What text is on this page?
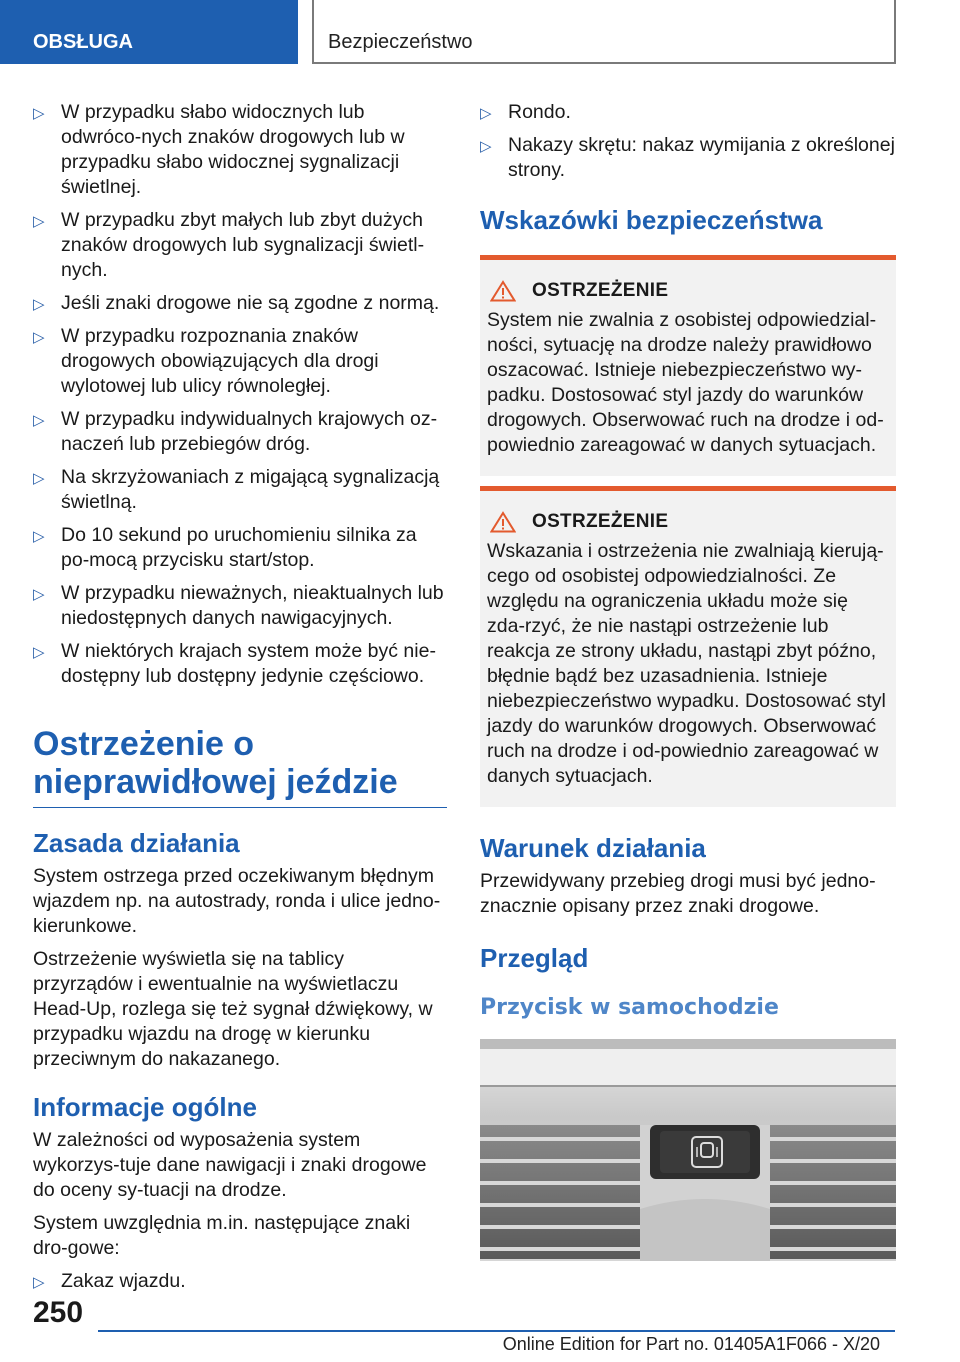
OBSŁUGA	Bezpieczeństwo
▷ W przypadku słabo widocznych lub odwróco-nych znaków drogowych lub w przypadku słabo widocznej sygnalizacji świetlnej.
▷ W przypadku zbyt małych lub zbyt dużych znaków drogowych lub sygnalizacji świetl-nych.
▷ Jeśli znaki drogowe nie są zgodne z normą.
▷ W przypadku rozpoznania znaków drogowych obowiązujących dla drogi wylotowej lub ulicy równoległej.
▷ W przypadku indywidualnych krajowych oz-naczeń lub przebiegów dróg.
▷ Na skrzyżowaniach z migającą sygnalizacją świetlną.
▷ Do 10 sekund po uruchomieniu silnika za po-mocą przycisku start/stop.
▷ W przypadku nieważnych, nieaktualnych lub niedostępnych danych nawigacyjnych.
▷ W niektórych krajach system może być nie-dostępny lub dostępny jedynie częściowo.
Ostrzeżenie o nieprawidłowej jeździe
Zasada działania

System ostrzega przed oczekiwanym błędnym wjazdem np. na autostrady, ronda i ulice jedno-kierunkowe.

Ostrzeżenie wyświetla się na tablicy przyrządów i ewentualnie na wyświetlaczu Head-Up, rozlega się też sygnał dźwiękowy, w przypadku wjazdu na drogę w kierunku przeciwnym do nakazanego.

Informacje ogólne

W zależności od wyposażenia system wykorzys-tuje dane nawigacji i znaki drogowe do oceny sy-tuacji na drodze.

System uwzględnia m.in. następujące znaki dro-gowe:

▷ Zakaz wjazdu.
▷ Rondo.
▷ Nakazy skrętu: nakaz wymijania z określonej strony.
Wskazówki bezpieczeństwa
OSTRZEŻENIE

System nie zwalnia z osobistej odpowiedzial-ności, sytuację na drodze należy prawidłowo oszacować. Istnieje niebezpieczeństwo wy-padku. Dostosować styl jazdy do warunków drogowych. Obserwować ruch na drodze i od-powiednio zareagować w danych sytuacjach.

OSTRZEŻENIE

Wskazania i ostrzeżenia nie zwalniają kierują-cego od osobistej odpowiedzialności. Ze względu na ograniczenia układu może się zda-rzyć, że nie nastąpi ostrzeżenie lub reakcja ze strony układu, nastąpi zbyt późno, błędnie bądź bez uzasadnienia. Istnieje niebezpieczeństwo wypadku. Dostosować styl jazdy do warunków drogowych. Obserwować ruch na drodze i od-powiednio zareagować w danych sytuacjach.

Warunek działania

Przewidywany przebieg drogi musi być jedno-znacznie opisany przez znaki drogowe.

Przegląd
Przycisk w samochodzie
250
Online Edition for Part no. 01405A1F066 - X/20
